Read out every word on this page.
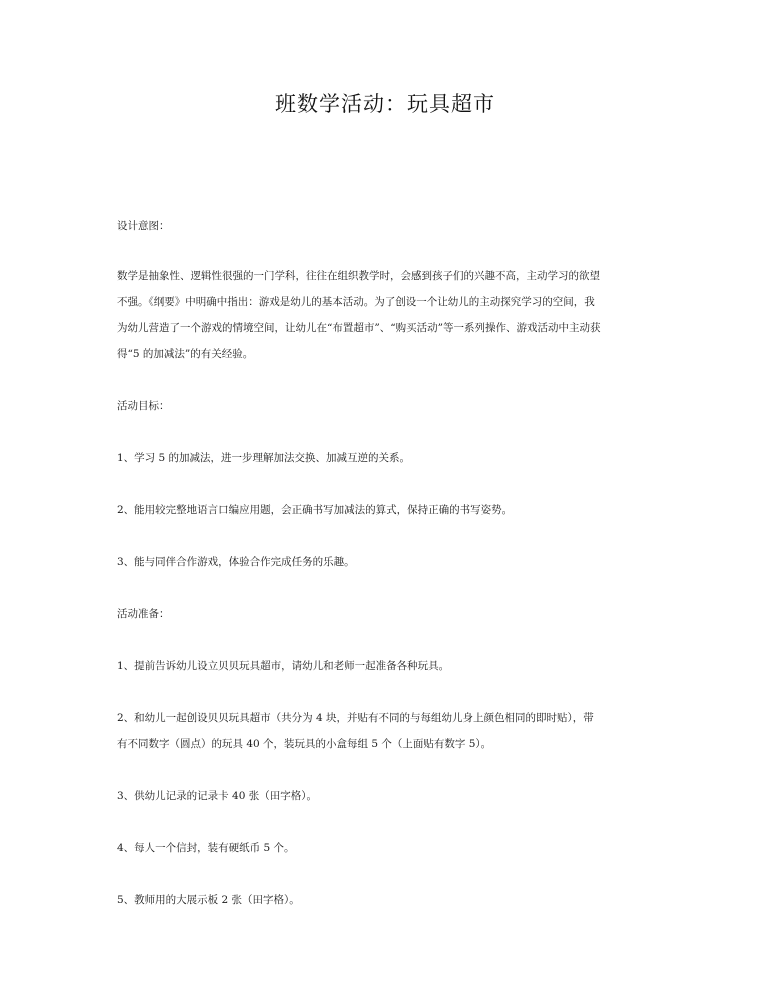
班数学活动：玩具超市
设计意图：
数学是抽象性、逻辑性很强的一门学科，往往在组织教学时，会感到孩子们的兴趣不高，主动学习的欲望
不强。《纲要》中明确中指出：游戏是幼儿的基本活动。为了创设一个让幼儿的主动探究学习的空间，我
为幼儿营造了一个游戏的情境空间，让幼儿在“布置超市”、“购买活动”等一系列操作、游戏活动中主动获
得“5 的加减法”的有关经验。
活动目标：
1、学习 5 的加减法，进一步理解加法交换、加减互逆的关系。
2、能用较完整地语言口编应用题，会正确书写加减法的算式，保持正确的书写姿势。
3、能与同伴合作游戏，体验合作完成任务的乐趣。
活动准备：
1、提前告诉幼儿设立贝贝玩具超市，请幼儿和老师一起准备各种玩具。
2、和幼儿一起创设贝贝玩具超市（共分为 4 块，并贴有不同的与每组幼儿身上颜色相同的即时贴），带
有不同数字（圆点）的玩具 40 个，装玩具的小盒每组 5 个（上面贴有数字 5）。
3、供幼儿记录的记录卡 40 张（田字格）。
4、每人一个信封，装有硬纸币 5 个。
5、教师用的大展示板 2 张（田字格）。
